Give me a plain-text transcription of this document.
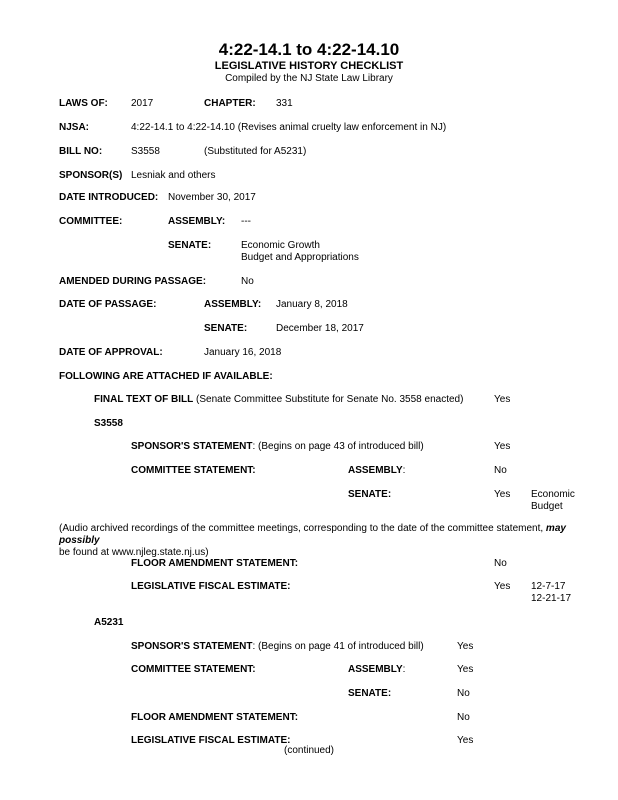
4:22-14.1 to 4:22-14.10
LEGISLATIVE HISTORY CHECKLIST
Compiled by the NJ State Law Library
LAWS OF: 2017	CHAPTER: 331
NJSA:	4:22-14.1 to 4:22-14.10 (Revises animal cruelty law enforcement in NJ)
BILL NO:	S3558	(Substituted for A5231)
SPONSOR(S) Lesniak and others
DATE INTRODUCED: November 30, 2017
COMMITTEE:	ASSEMBLY: ---
SENATE:	Economic Growth
Budget and Appropriations
AMENDED DURING PASSAGE:	No
DATE OF PASSAGE:	ASSEMBLY: January 8, 2018
SENATE:	December 18, 2017
DATE OF APPROVAL:	January 16, 2018
FOLLOWING ARE ATTACHED IF AVAILABLE:
FINAL TEXT OF BILL (Senate Committee Substitute for Senate No. 3558 enacted)	Yes
S3558
SPONSOR'S STATEMENT: (Begins on page 43 of introduced bill)	Yes
COMMITTEE STATEMENT:	ASSEMBLY:	No
SENATE:	Yes Economic
Budget
(Audio archived recordings of the committee meetings, corresponding to the date of the committee statement, may possibly
be found at www.njleg.state.nj.us)
FLOOR AMENDMENT STATEMENT:	No
LEGISLATIVE FISCAL ESTIMATE:	Yes 12-7-17
12-21-17
A5231
SPONSOR'S STATEMENT: (Begins on page 41 of introduced bill)	Yes
COMMITTEE STATEMENT:	ASSEMBLY:	Yes
SENATE:	No
FLOOR AMENDMENT STATEMENT:	No
LEGISLATIVE FISCAL ESTIMATE:	Yes
(continued)
